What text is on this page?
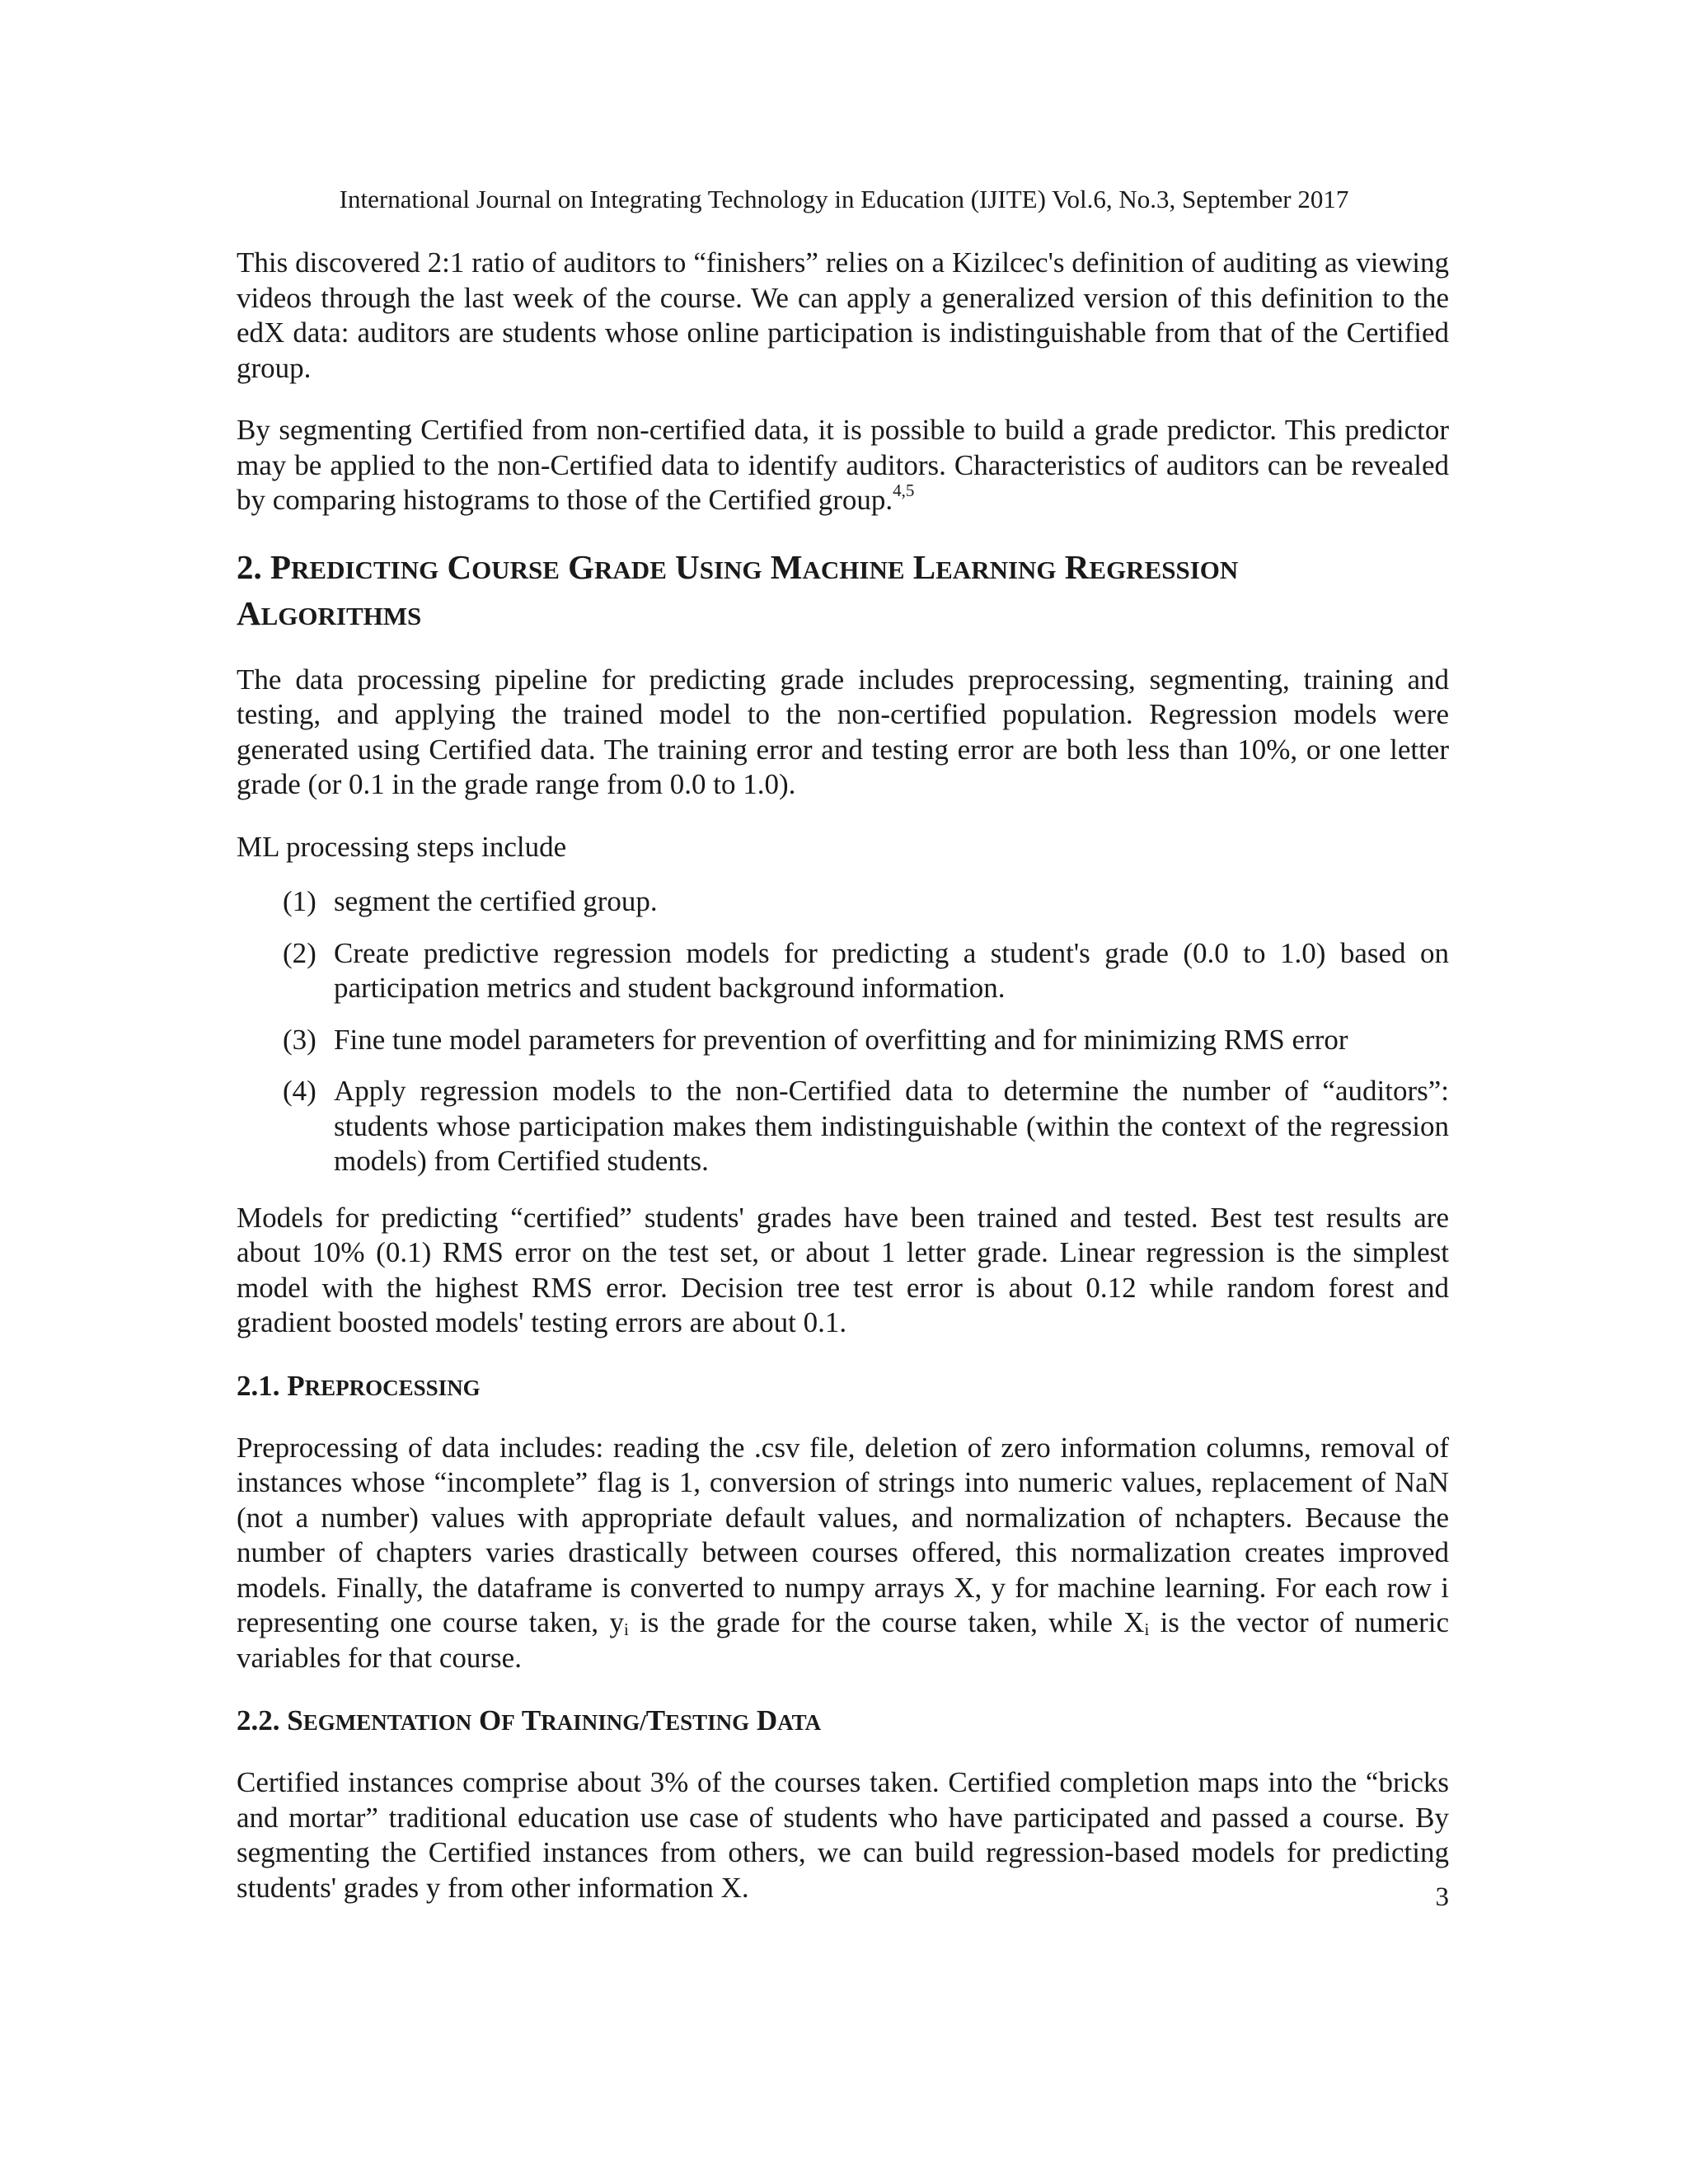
International Journal on Integrating Technology in Education (IJITE) Vol.6, No.3, September 2017

This discovered 2:1 ratio of auditors to “finishers” relies on a Kizilcec's definition of auditing as viewing videos through the last week of the course. We can apply a generalized version of this definition to the edX data: auditors are students whose online participation is indistinguishable from that of the Certified group.

By segmenting Certified from non-certified data, it is possible to build a grade predictor. This predictor may be applied to the non-Certified data to identify auditors. Characteristics of auditors can be revealed by comparing histograms to those of the Certified group.$^{4,5}$

2. PREDICTING COURSE GRADE USING MACHINE LEARNING REGRESSION
ALGORITHMS

The data processing pipeline for predicting grade includes preprocessing, segmenting, training and testing, and applying the trained model to the non-certified population. Regression models were generated using Certified data. The training error and testing error are both less than 10%, or one letter grade (or 0.1 in the grade range from 0.0 to 1.0).

ML processing steps include

(1) segment the certified group.
(2) Create predictive regression models for predicting a student's grade (0.0 to 1.0) based on participation metrics and student background information.
(3) Fine tune model parameters for prevention of overfitting and for minimizing RMS error
(4) Apply regression models to the non-Certified data to determine the number of “auditors”: students whose participation makes them indistinguishable (within the context of the regression models) from Certified students.

Models for predicting “certified” students' grades have been trained and tested. Best test results are about 10% (0.1) RMS error on the test set, or about 1 letter grade. Linear regression is the simplest model with the highest RMS error. Decision tree test error is about 0.12 while random forest and gradient boosted models' testing errors are about 0.1.

2.1. PREPROCESSING

Preprocessing of data includes: reading the .csv file, deletion of zero information columns, removal of instances whose “incomplete” flag is 1, conversion of strings into numeric values, replacement of NaN (not a number) values with appropriate default values, and normalization of nchapters. Because the number of chapters varies drastically between courses offered, this normalization creates improved models. Finally, the dataframe is converted to numpy arrays X, y for machine learning. For each row i representing one course taken, $y_i$ is the grade for the course taken, while $X_i$ is the vector of numeric variables for that course.

2.2. SEGMENTATION OF TRAINING/TESTING DATA

Certified instances comprise about 3% of the courses taken. Certified completion maps into the “bricks and mortar” traditional education use case of students who have participated and passed a course. By segmenting the Certified instances from others, we can build regression-based models for predicting students' grades y from other information X.	3
